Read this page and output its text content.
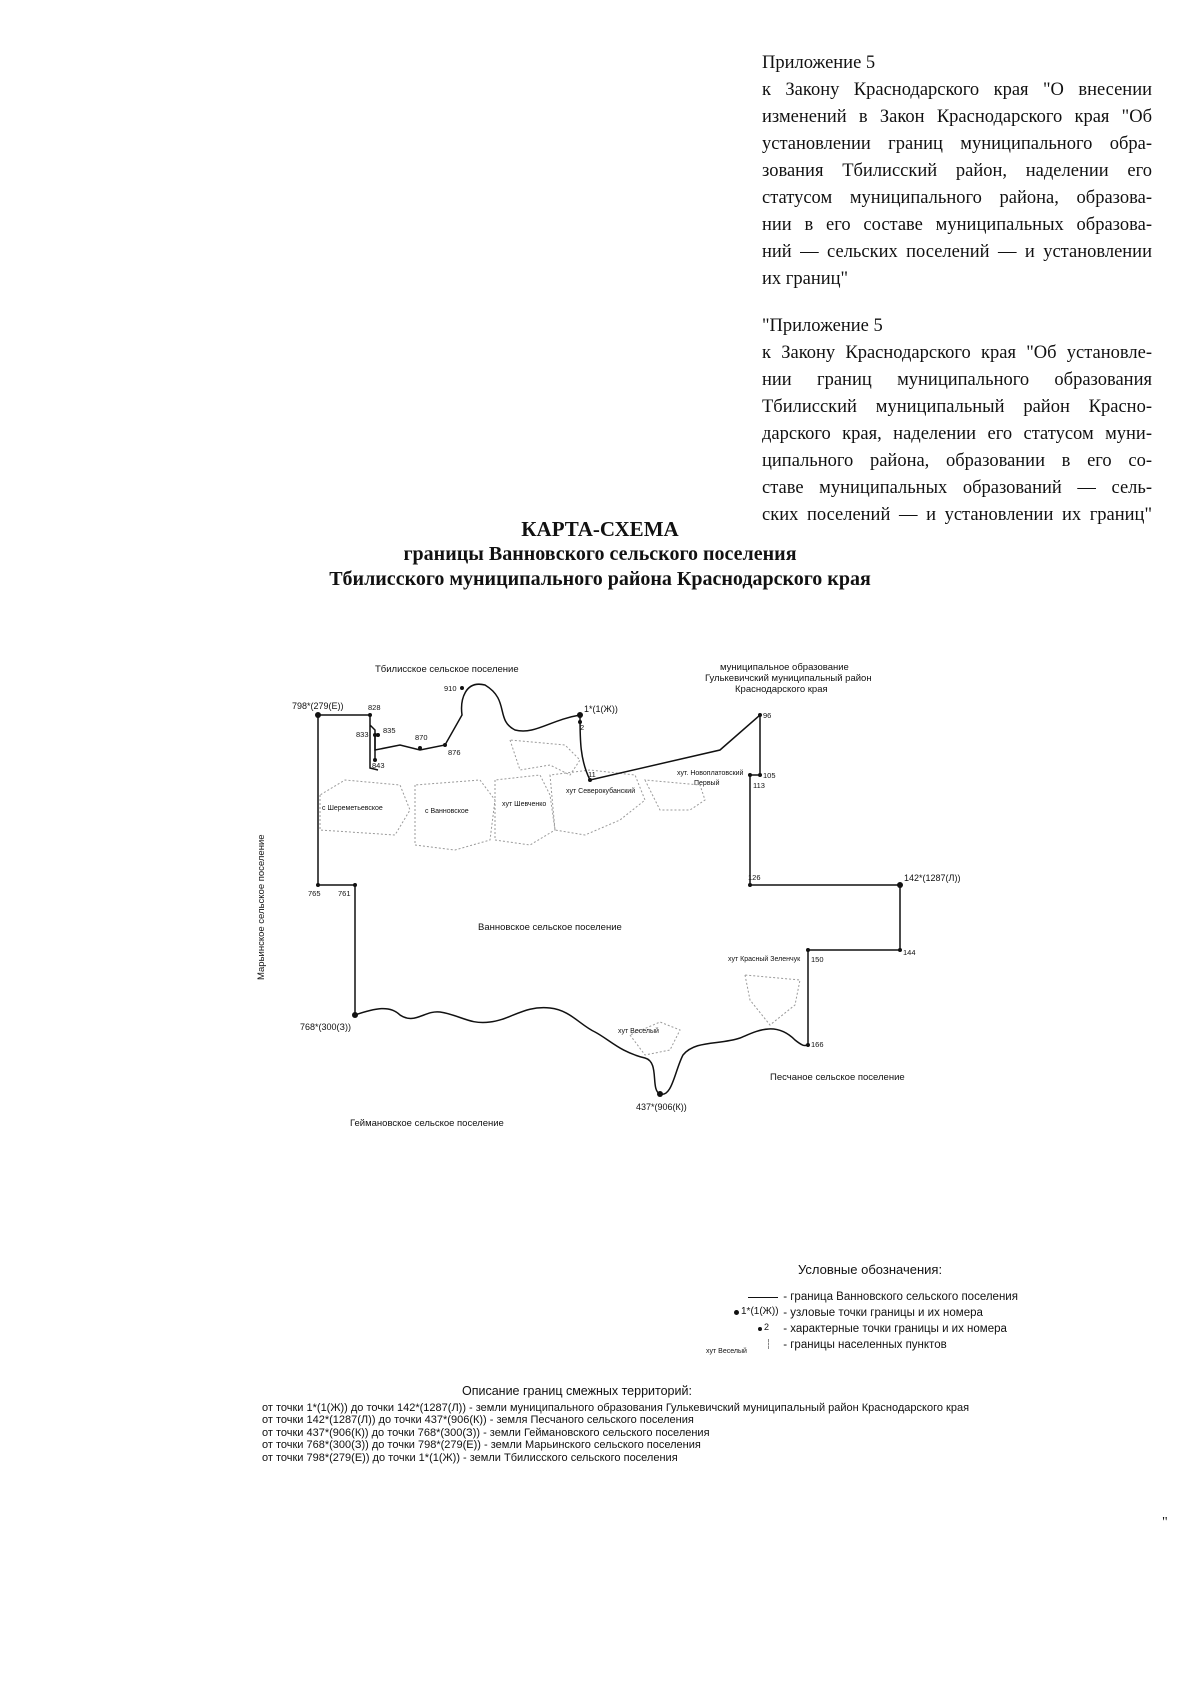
Приложение 5
к Закону Краснодарского края "О внесении
изменений в Закон Краснодарского края "Об
установлении границ муниципального обра-
зования Тбилисский район, наделении его
статусом муниципального района, образова-
нии в его составе муниципальных образова-
ний — сельских поселений — и установлении
их границ"
"Приложение 5
к Закону Краснодарского края "Об установле-
нии границ муниципального образования
Тбилисский муниципальный район Красно-
дарского края, наделении его статусом муни-
ципального района, образовании в его со-
ставе муниципальных образований — сель-
ских поселений — и установлении их границ"
КАРТА-СХЕМА
границы Ванновского сельского поселения
Тбилисского муниципального района Краснодарского края
Тбилисское сельское поселение	муниципальное образование
Гулькевичский муниципальный район
Краснодарского края
Марьинское сельское поселение
Песчаное сельское поселение
Геймановское сельское поселение
Ванновское сельское поселение
с Шереметьевское	с Ванновское
хут Шевченко
хут Северокубанский
хут. Новоплатовский
Первый
хут Красный Зеленчук
хут Веселый
798*(279(Е))	1*(1(Ж))
142*(1287(Л))
437*(906(К))
768*(300(З))
828
910
833 835
870
876
843
2
11
96
105
113
126
144
150
166
765 761
Условные обозначения:
- граница Ванновского сельского поселения
1*(1(Ж)) - узловые точки границы и их номера
2 - характерные точки границы и их номера
хут Веселый
- границы населенных пунктов
Описание границ смежных территорий:
от точки 1*(1(Ж)) до точки 142*(1287(Л)) - земли муниципального образования Гулькевичский муниципальный район Краснодарского края
от точки 142*(1287(Л)) до точки 437*(906(К)) - земля Песчаного сельского поселения
от точки 437*(906(К)) до точки 768*(300(З)) - земли Геймановского сельского поселения
от точки 768*(300(З)) до точки 798*(279(Е)) - земли Марьинского сельского поселения
от точки 798*(279(Е)) до точки 1*(1(Ж)) - земли Тбилисского сельского поселения
"
